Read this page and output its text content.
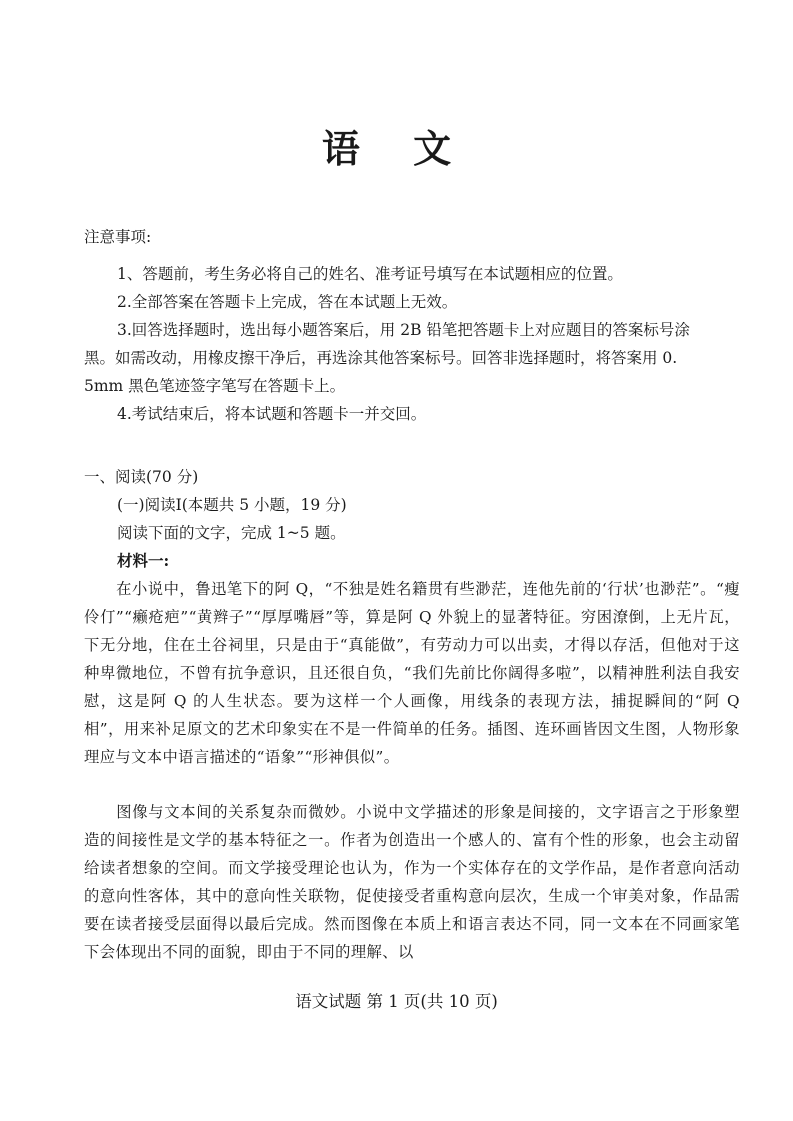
语 文
注意事项:
1、答题前，考生务必将自己的姓名、准考证号填写在本试题相应的位置。
2.全部答案在答题卡上完成，答在本试题上无效。
3.回答选择题时，选出每小题答案后，用 2B 铅笔把答题卡上对应题目的答案标号涂
黑。如需改动，用橡皮擦干净后，再选涂其他答案标号。回答非选择题时，将答案用 0.
5mm 黑色笔迹签字笔写在答题卡上。
4.考试结束后，将本试题和答题卡一并交回。
一、阅读(70 分)
(一)阅读Ⅰ(本题共 5 小题，19 分)
阅读下面的文字，完成 1~5 题。
材料一:
在小说中，鲁迅笔下的阿 Q，“不独是姓名籍贯有些渺茫，连他先前的‘行状’也渺茫”。“瘦伶仃”“癞疮疤”“黄辫子”“厚厚嘴唇”等，算是阿 Q 外貌上的显著特征。穷困潦倒，上无片瓦，下无分地，住在土谷祠里，只是由于“真能做”，有劳动力可以出卖，才得以存活，但他对于这种卑微地位，不曾有抗争意识，且还很自负，“我们先前比你阔得多啦”，以精神胜利法自我安慰，这是阿 Q 的人生状态。要为这样一个人画像，用线条的表现方法，捕捉瞬间的“阿 Q 相”，用来补足原文的艺术印象实在不是一件简单的任务。插图、连环画皆因文生图，人物形象理应与文本中语言描述的“语象”“形神俱似”。
图像与文本间的关系复杂而微妙。小说中文学描述的形象是间接的，文字语言之于形象塑造的间接性是文学的基本特征之一。作者为创造出一个感人的、富有个性的形象，也会主动留给读者想象的空间。而文学接受理论也认为，作为一个实体存在的文学作品，是作者意向活动的意向性客体，其中的意向性关联物，促使接受者重构意向层次，生成一个审美对象，作品需要在读者接受层面得以最后完成。然而图像在本质上和语言表达不同，同一文本在不同画家笔下会体现出不同的面貌，即由于不同的理解、以
语文试题 第 1 页(共 10 页)
